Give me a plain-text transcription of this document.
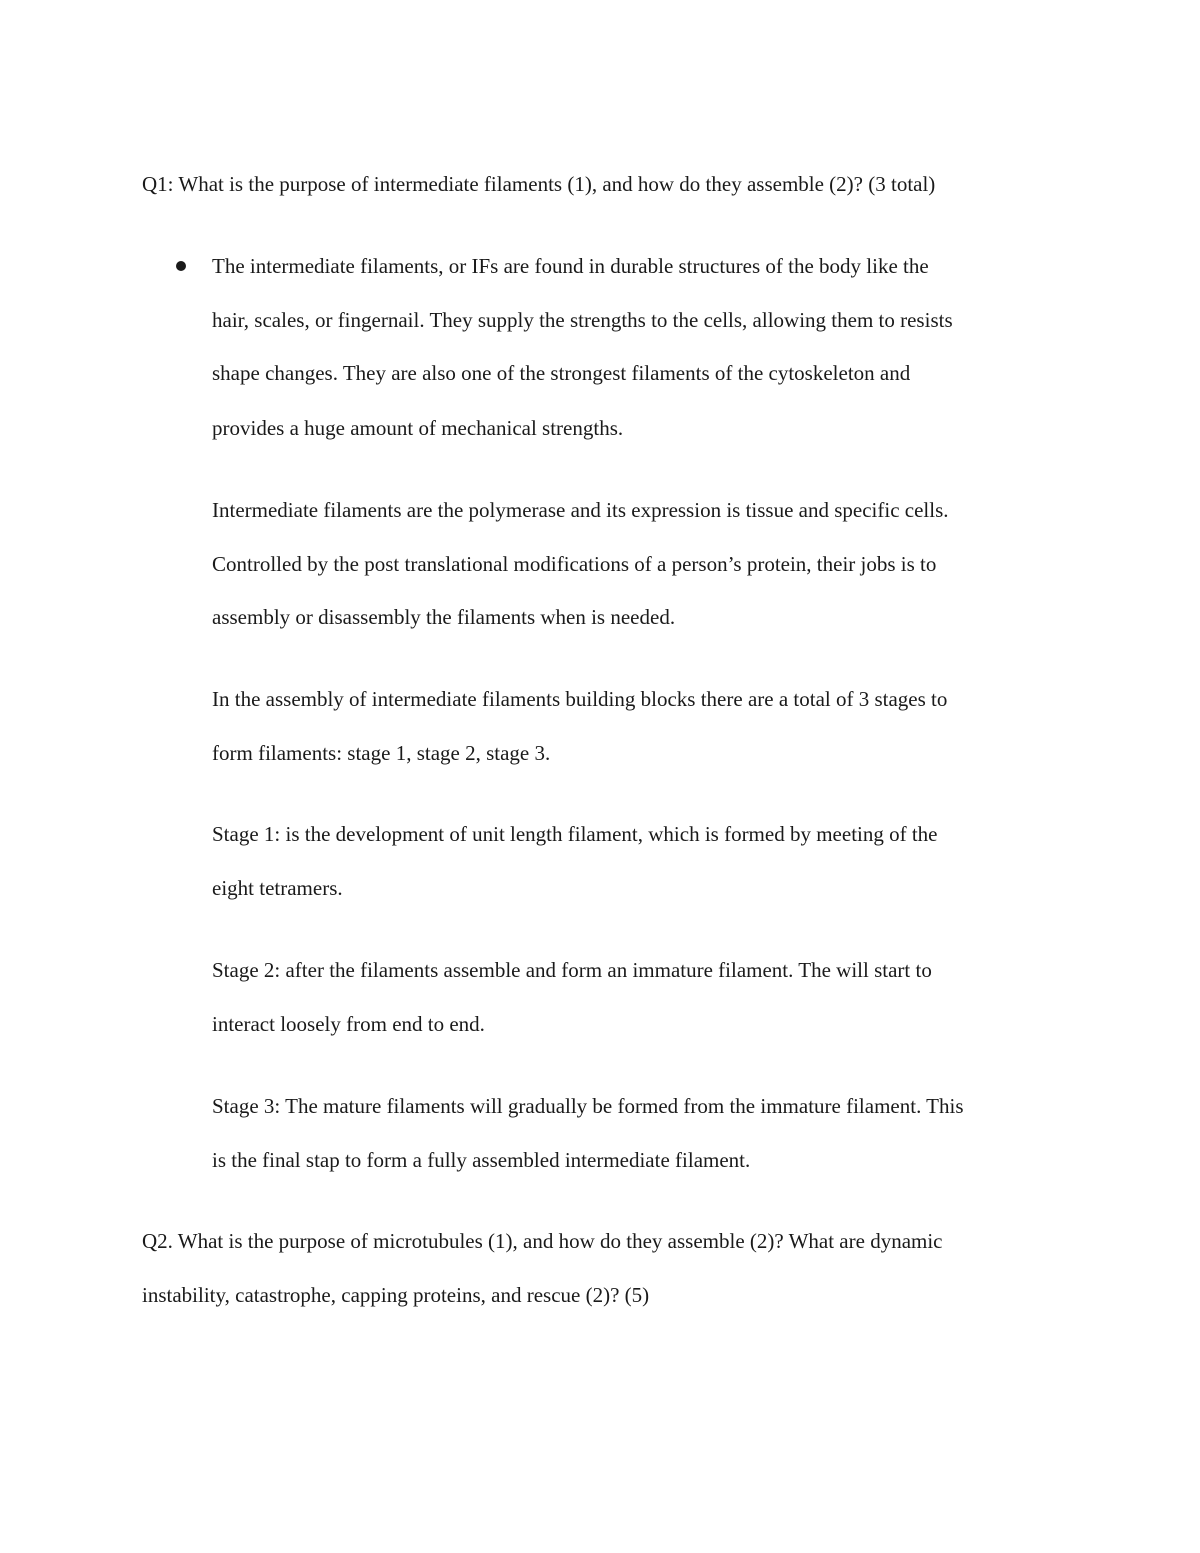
Q1: What is the purpose of intermediate filaments (1), and how do they assemble (2)? (3 total)
The intermediate filaments, or IFs are found in durable structures of the body like the
hair, scales, or fingernail. They supply the strengths to the cells, allowing them to resists
shape changes. They are also one of the strongest filaments of the cytoskeleton and
provides a huge amount of mechanical strengths.
Intermediate filaments are the polymerase and its expression is tissue and specific cells.
Controlled by the post translational modifications of a person’s protein, their jobs is to
assembly or disassembly the filaments when is needed.
In the assembly of intermediate filaments building blocks there are a total of 3 stages to
form filaments: stage 1, stage 2, stage 3.
Stage 1: is the development of unit length filament, which is formed by meeting of the
eight tetramers.
Stage 2: after the filaments assemble and form an immature filament. The will start to
interact loosely from end to end.
Stage 3: The mature filaments will gradually be formed from the immature filament. This
is the final stap to form a fully assembled intermediate filament.
Q2. What is the purpose of microtubules (1), and how do they assemble (2)? What are dynamic
instability, catastrophe, capping proteins, and rescue (2)? (5)
